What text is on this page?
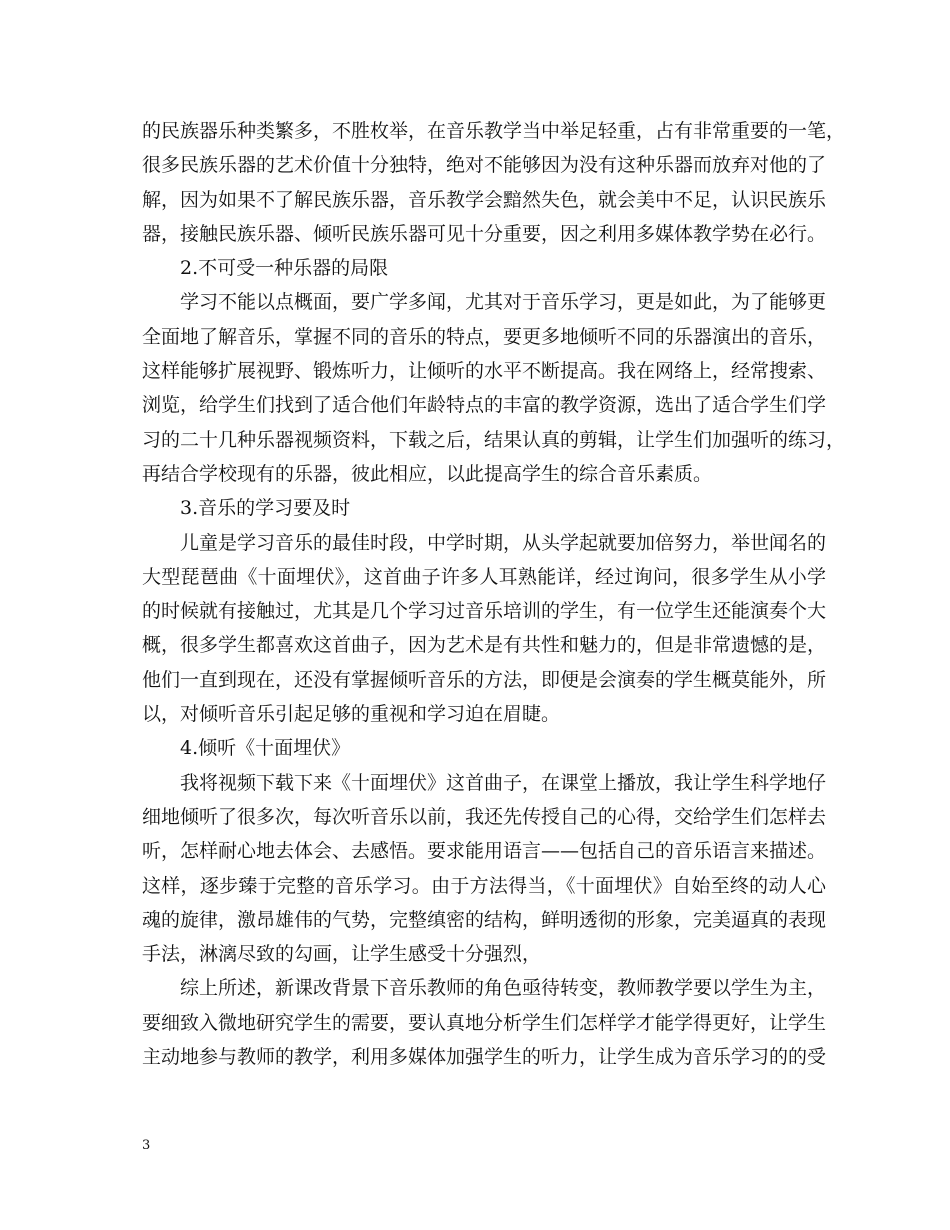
的民族器乐种类繁多，不胜枚举，在音乐教学当中举足轻重，占有非常重要的一笔，
很多民族乐器的艺术价值十分独特，绝对不能够因为没有这种乐器而放弃对他的了
解，因为如果不了解民族乐器，音乐教学会黯然失色，就会美中不足，认识民族乐
器，接触民族乐器、倾听民族乐器可见十分重要，因之利用多媒体教学势在必行。
2.不可受一种乐器的局限
学习不能以点概面，要广学多闻，尤其对于音乐学习，更是如此，为了能够更
全面地了解音乐，掌握不同的音乐的特点，要更多地倾听不同的乐器演出的音乐，
这样能够扩展视野、锻炼听力，让倾听的水平不断提高。我在网络上，经常搜索、
浏览，给学生们找到了适合他们年龄特点的丰富的教学资源，选出了适合学生们学
习的二十几种乐器视频资料，下载之后，结果认真的剪辑，让学生们加强听的练习，
再结合学校现有的乐器，彼此相应，以此提高学生的综合音乐素质。
3.音乐的学习要及时
儿童是学习音乐的最佳时段，中学时期，从头学起就要加倍努力，举世闻名的
大型琵琶曲《十面埋伏》，这首曲子许多人耳熟能详，经过询问，很多学生从小学
的时候就有接触过，尤其是几个学习过音乐培训的学生，有一位学生还能演奏个大
概，很多学生都喜欢这首曲子，因为艺术是有共性和魅力的，但是非常遗憾的是，
他们一直到现在，还没有掌握倾听音乐的方法，即便是会演奏的学生概莫能外，所
以，对倾听音乐引起足够的重视和学习迫在眉睫。
4.倾听《十面埋伏》
我将视频下载下来《十面埋伏》这首曲子，在课堂上播放，我让学生科学地仔
细地倾听了很多次，每次听音乐以前，我还先传授自己的心得，交给学生们怎样去
听，怎样耐心地去体会、去感悟。要求能用语言——包括自己的音乐语言来描述。
这样，逐步臻于完整的音乐学习。由于方法得当，《十面埋伏》自始至终的动人心
魂的旋律，激昂雄伟的气势，完整缜密的结构，鲜明透彻的形象，完美逼真的表现
手法，淋漓尽致的勾画，让学生感受十分强烈，
综上所述，新课改背景下音乐教师的角色亟待转变，教师教学要以学生为主，
要细致入微地研究学生的需要，要认真地分析学生们怎样学才能学得更好，让学生
主动地参与教师的教学，利用多媒体加强学生的听力，让学生成为音乐学习的的受
3
